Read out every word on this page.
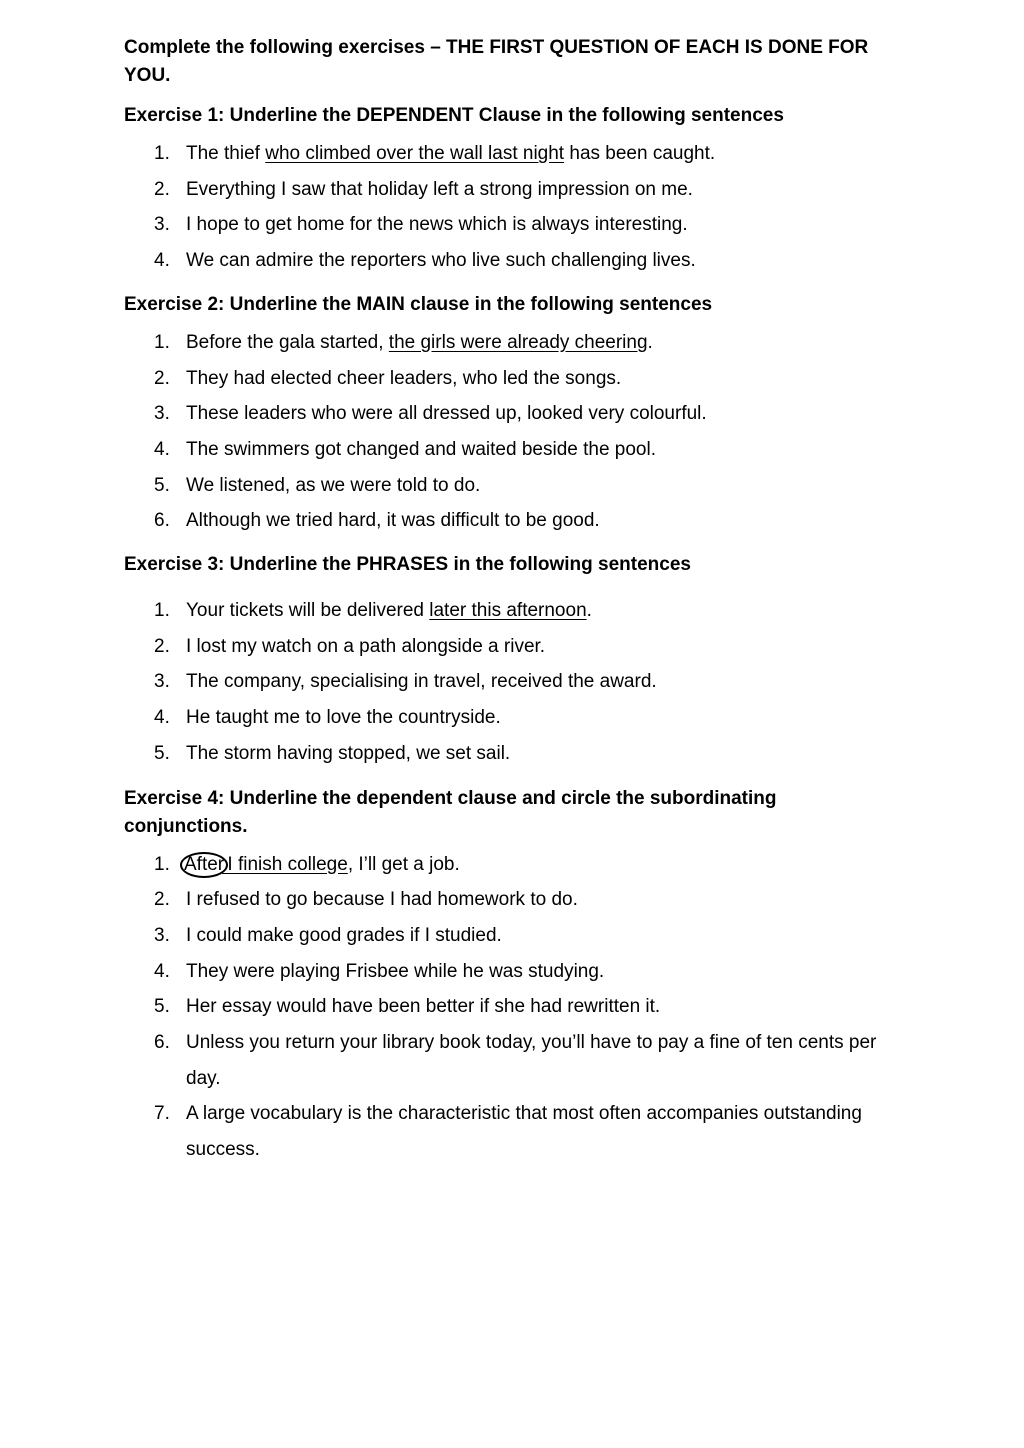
Complete the following exercises – THE FIRST QUESTION OF EACH IS DONE FOR YOU.

Exercise 1: Underline the DEPENDENT Clause in the following sentences

1. The thief who climbed over the wall last night has been caught.
2. Everything I saw that holiday left a strong impression on me.
3. I hope to get home for the news which is always interesting.
4. We can admire the reporters who live such challenging lives.

Exercise 2: Underline the MAIN clause in the following sentences

1. Before the gala started, the girls were already cheering.
2. They had elected cheer leaders, who led the songs.
3. These leaders who were all dressed up, looked very colourful.
4. The swimmers got changed and waited beside the pool.
5. We listened, as we were told to do.
6. Although we tried hard, it was difficult to be good.

Exercise 3: Underline the PHRASES in the following sentences

1. Your tickets will be delivered later this afternoon.
2. I lost my watch on a path alongside a river.
3. The company, specialising in travel, received the award.
4. He taught me to love the countryside.
5. The storm having stopped, we set sail.

Exercise 4: Underline the dependent clause and circle the subordinating conjunctions.

1. After I finish college, I’ll get a job.
2. I refused to go because I had homework to do.
3. I could make good grades if I studied.
4. They were playing Frisbee while he was studying.
5. Her essay would have been better if she had rewritten it.
6. Unless you return your library book today, you’ll have to pay a fine of ten cents per day.
7. A large vocabulary is the characteristic that most often accompanies outstanding success.
